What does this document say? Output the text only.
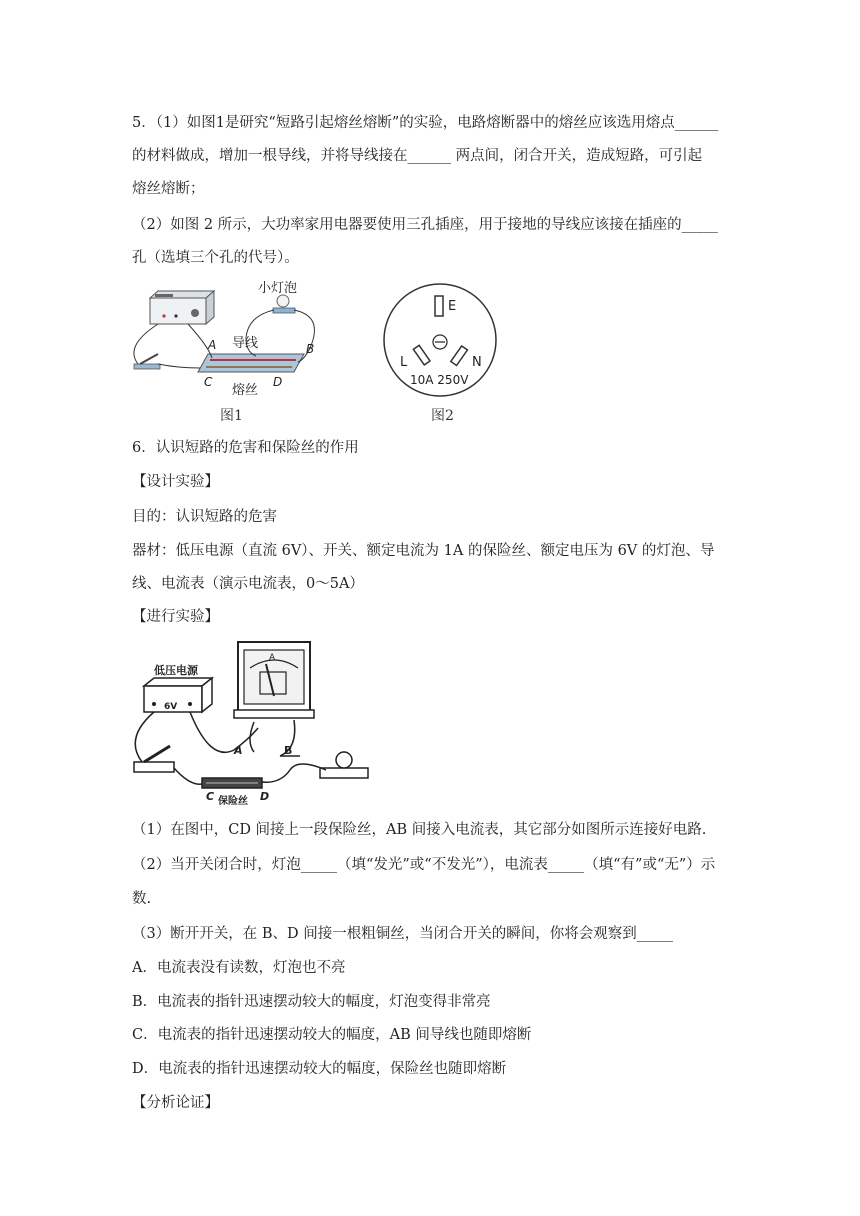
5．（1）如图1是研究“短路引起熔丝熔断”的实验，电路熔断器中的熔丝应该选用熔点______
的材料做成，增加一根导线，并将导线接在______ 两点间，闭合开关，造成短路，可引起
熔丝熔断；
（2）如图 2 所示，大功率家用电器要使用三孔插座，用于接地的导线应该接在插座的_____
孔（选填三个孔的代号）。
小灯泡
导线
A	B
C	D
熔丝
图1
E
L	N
10A 250V
图2
6．认识短路的危害和保险丝的作用
【设计实验】
目的：认识短路的危害
器材：低压电源（直流 6V）、开关、额定电流为 1A 的保险丝、额定电压为 6V 的灯泡、导
线、电流表（演示电流表，0～5A）
【进行实验】
低压电源
6V
A
A	B
C	D
保险丝
（1）在图中，CD 间接上一段保险丝，AB 间接入电流表，其它部分如图所示连接好电路.
（2）当开关闭合时，灯泡_____（填“发光”或“不发光”），电流表_____（填“有”或“无”）示
数.
（3）断开开关，在 B、D 间接一根粗铜丝，当闭合开关的瞬间，你将会观察到_____
A．电流表没有读数，灯泡也不亮
B．电流表的指针迅速摆动较大的幅度，灯泡变得非常亮
C．电流表的指针迅速摆动较大的幅度，AB 间导线也随即熔断
D．电流表的指针迅速摆动较大的幅度，保险丝也随即熔断
【分析论证】
